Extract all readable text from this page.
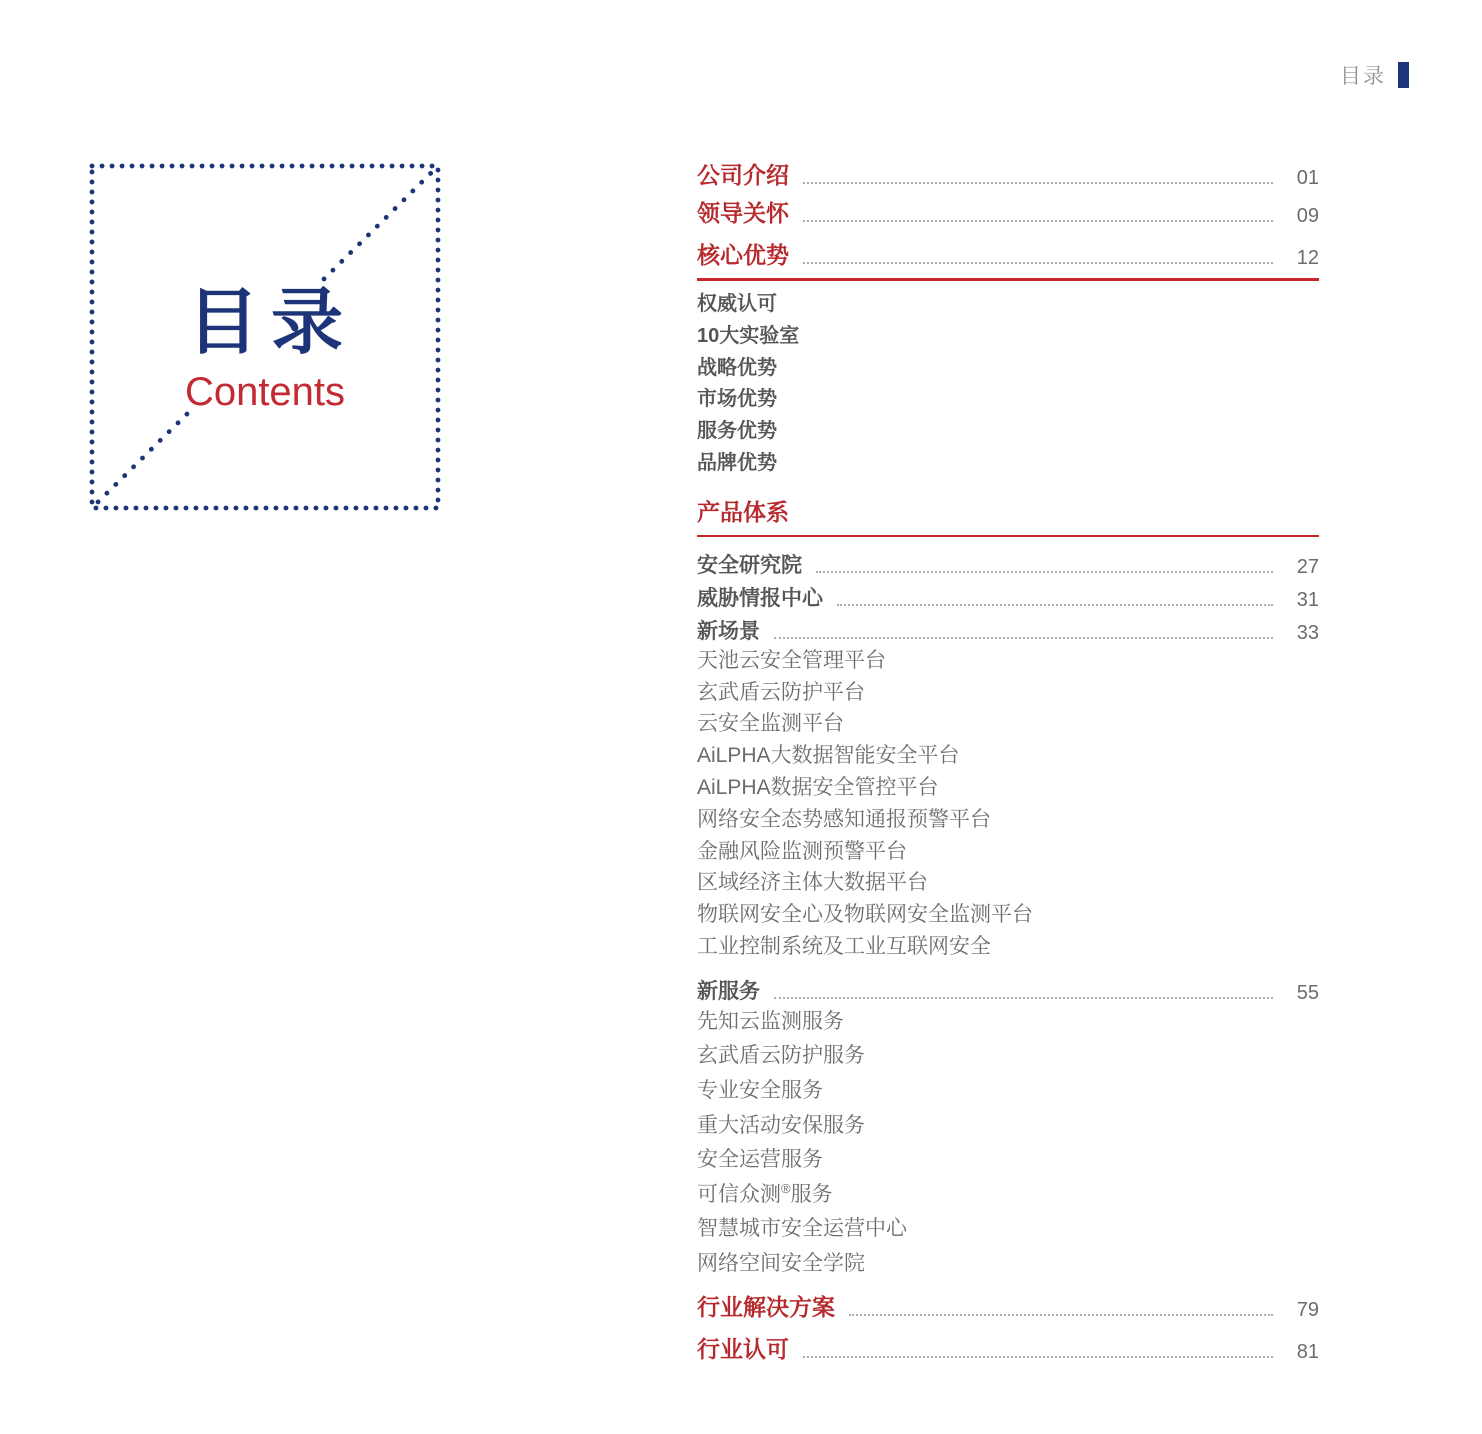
目录
目录
Contents
公司介绍	01
领导关怀	09
核心优势	12
权威认可
10大实验室
战略优势
市场优势
服务优势
品牌优势
产品体系
安全研究院	27
威胁情报中心	31
新场景	33
天池云安全管理平台
玄武盾云防护平台
云安全监测平台
AiLPHA大数据智能安全平台
AiLPHA数据安全管控平台
网络安全态势感知通报预警平台
金融风险监测预警平台
区域经济主体大数据平台
物联网安全心及物联网安全监测平台
工业控制系统及工业互联网安全
新服务	55
先知云监测服务
玄武盾云防护服务
专业安全服务
重大活动安保服务
安全运营服务
可信众测®服务
智慧城市安全运营中心
网络空间安全学院
行业解决方案	79
行业认可	81
